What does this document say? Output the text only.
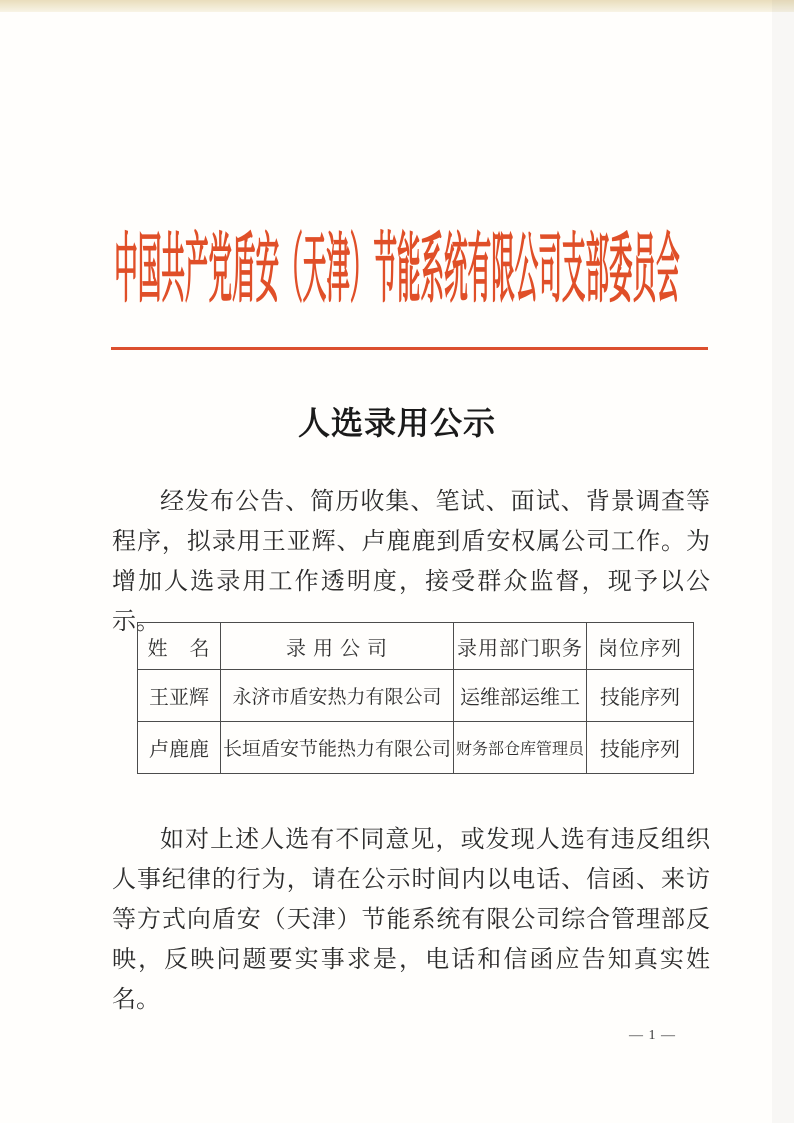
中国共产党盾安（天津）节能系统有限公司支部委员会
人选录用公示
经发布公告、简历收集、笔试、面试、背景调查等程序，拟录用王亚辉、卢鹿鹿到盾安权属公司工作。为增加人选录用工作透明度，接受群众监督，现予以公示。
姓　名	录 用 公 司	录用部门职务	岗位序列
王亚辉	永济市盾安热力有限公司	运维部运维工	技能序列
卢鹿鹿	长垣盾安节能热力有限公司	财务部仓库管理员	技能序列
如对上述人选有不同意见，或发现人选有违反组织人事纪律的行为，请在公示时间内以电话、信函、来访等方式向盾安（天津）节能系统有限公司综合管理部反映，反映问题要实事求是，电话和信函应告知真实姓名。
— 1 —
